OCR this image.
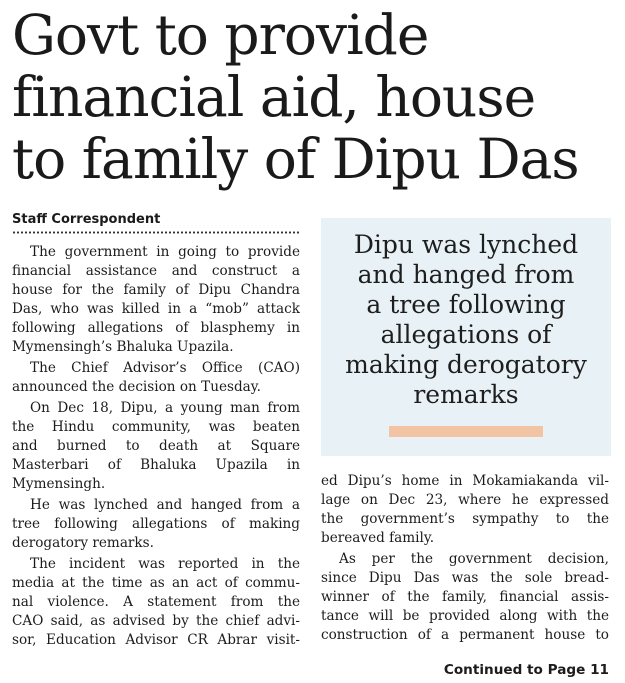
Govt to provide
financial aid, house
to family of Dipu Das
Staff Correspondent
The government in going to provide
financial assistance and construct a
house for the family of Dipu Chandra
Das, who was killed in a “mob” attack
following allegations of blasphemy in
Mymensingh’s Bhaluka Upazila.
The Chief Advisor’s Office (CAO)
announced the decision on Tuesday.
On Dec 18, Dipu, a young man from
the Hindu community, was beaten
and burned to death at Square
Masterbari of Bhaluka Upazila in
Mymensingh.
He was lynched and hanged from a
tree following allegations of making
derogatory remarks.
The incident was reported in the
media at the time as an act of commu-
nal violence. A statement from the
CAO said, as advised by the chief advi-
sor, Education Advisor CR Abrar visit-
Dipu was lynched
and hanged from
a tree following
allegations of
making derogatory
remarks
ed Dipu’s home in Mokamiakanda vil-
lage on Dec 23, where he expressed
the government’s sympathy to the
bereaved family.
As per the government decision,
since Dipu Das was the sole bread-
winner of the family, financial assis-
tance will be provided along with the
construction of a permanent house to
Continued to Page 11
